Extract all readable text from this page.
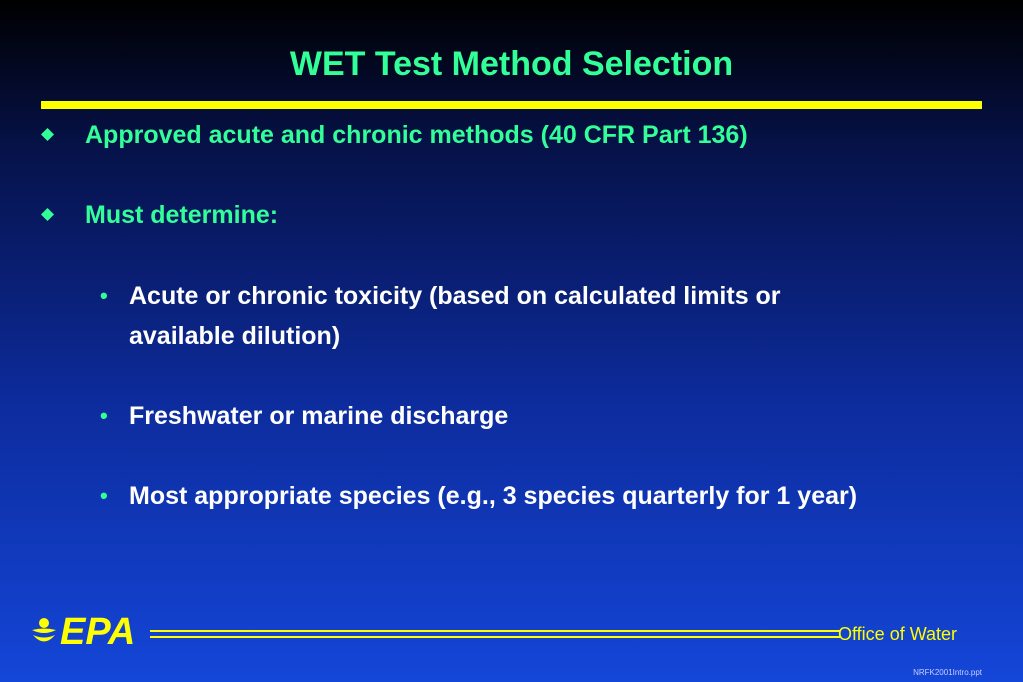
WET Test Method Selection
Approved acute and chronic methods (40 CFR Part 136)
Must determine:
• Acute or chronic toxicity (based on calculated limits or available dilution)
• Freshwater or marine discharge
• Most appropriate species (e.g., 3 species quarterly for 1 year)
EPA	Office of Water
NRFK2001Intro.ppt
